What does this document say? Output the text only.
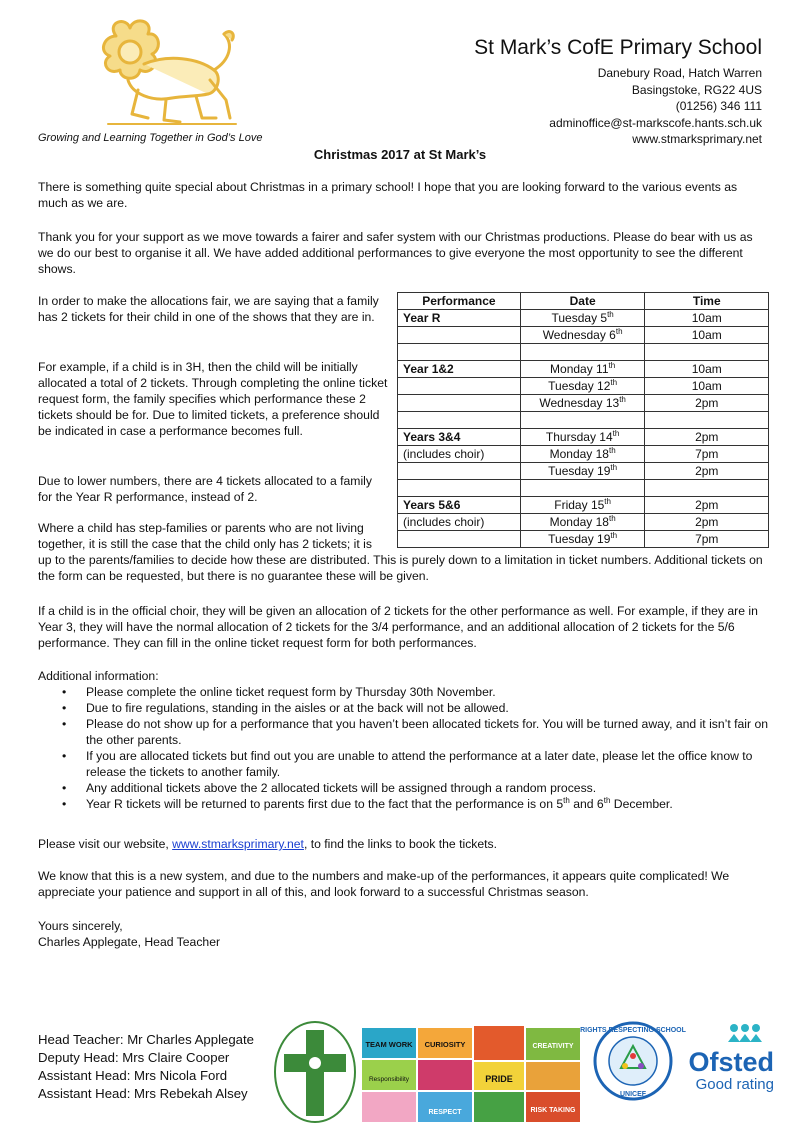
Growing and Learning Together in God’s Love
St Mark’s CofE Primary School
Danebury Road, Hatch Warren
Basingstoke, RG22 4US
(01256) 346 111
adminoffice@st-markscofe.hants.sch.uk
www.stmarksprimary.net
Christmas 2017 at St Mark’s
There is something quite special about Christmas in a primary school! I hope that you are looking forward to the various events as much as we are.
Thank you for your support as we move towards a fairer and safer system with our Christmas productions. Please do bear with us as we do our best to organise it all. We have added additional performances to give everyone the most opportunity to see the different shows.
In order to make the allocations fair, we are saying that a family has 2 tickets for their child in one of the shows that they are in.
For example, if a child is in 3H, then the child will be initially allocated a total of 2 tickets. Through completing the online ticket request form, the family specifies which performance these 2 tickets should be for. Due to limited tickets, a preference should be indicated in case a performance becomes full.
Due to lower numbers, there are 4 tickets allocated to a family for the Year R performance, instead of 2.
Where a child has step-families or parents who are not living together, it is still the case that the child only has 2 tickets; it is
up to the parents/families to decide how these are distributed. This is purely down to a limitation in ticket numbers. Additional tickets on the form can be requested, but there is no guarantee these will be given.
Performance	Date	Time
Year R	Tuesday 5th	10am
	Wednesday 6th	10am

Year 1&2	Monday 11th	10am
	Tuesday 12th	10am
	Wednesday 13th	2pm

Years 3&4	Thursday 14th	2pm
(includes choir)	Monday 18th	7pm
	Tuesday 19th	2pm

Years 5&6	Friday 15th	2pm
(includes choir)	Monday 18th	2pm
	Tuesday 19th	7pm
If a child is in the official choir, they will be given an allocation of 2 tickets for the other performance as well. For example, if they are in Year 3, they will have the normal allocation of 2 tickets for the 3/4 performance, and an additional allocation of 2 tickets for the 5/6 performance. They can fill in the online ticket request form for both performances.
Additional information:
• Please complete the online ticket request form by Thursday 30th November.
• Due to fire regulations, standing in the aisles or at the back will not be allowed.
• Please do not show up for a performance that you haven’t been allocated tickets for. You will be turned away, and it isn’t fair on the other parents.
• If you are allocated tickets but find out you are unable to attend the performance at a later date, please let the office know to release the tickets to another family.
• Any additional tickets above the 2 allocated tickets will be assigned through a random process.
• Year R tickets will be returned to parents first due to the fact that the performance is on 5th and 6th December.
Please visit our website, www.stmarksprimary.net, to find the links to book the tickets.
We know that this is a new system, and due to the numbers and make-up of the performances, it appears quite complicated! We appreciate your patience and support in all of this, and look forward to a successful Christmas season.
Yours sincerely,
Charles Applegate, Head Teacher
Head Teacher: Mr Charles Applegate
Deputy Head: Mrs Claire Cooper
Assistant Head: Mrs Nicola Ford
Assistant Head: Mrs Rebekah Alsey
TEAM WORK CURIOSITY	CREATIVITY
PRIDE
Responsibility
RESPECT	RISK TAKING
RIGHTS RESPECTING SCHOOL
UNICEF
Ofsted
Good rating
